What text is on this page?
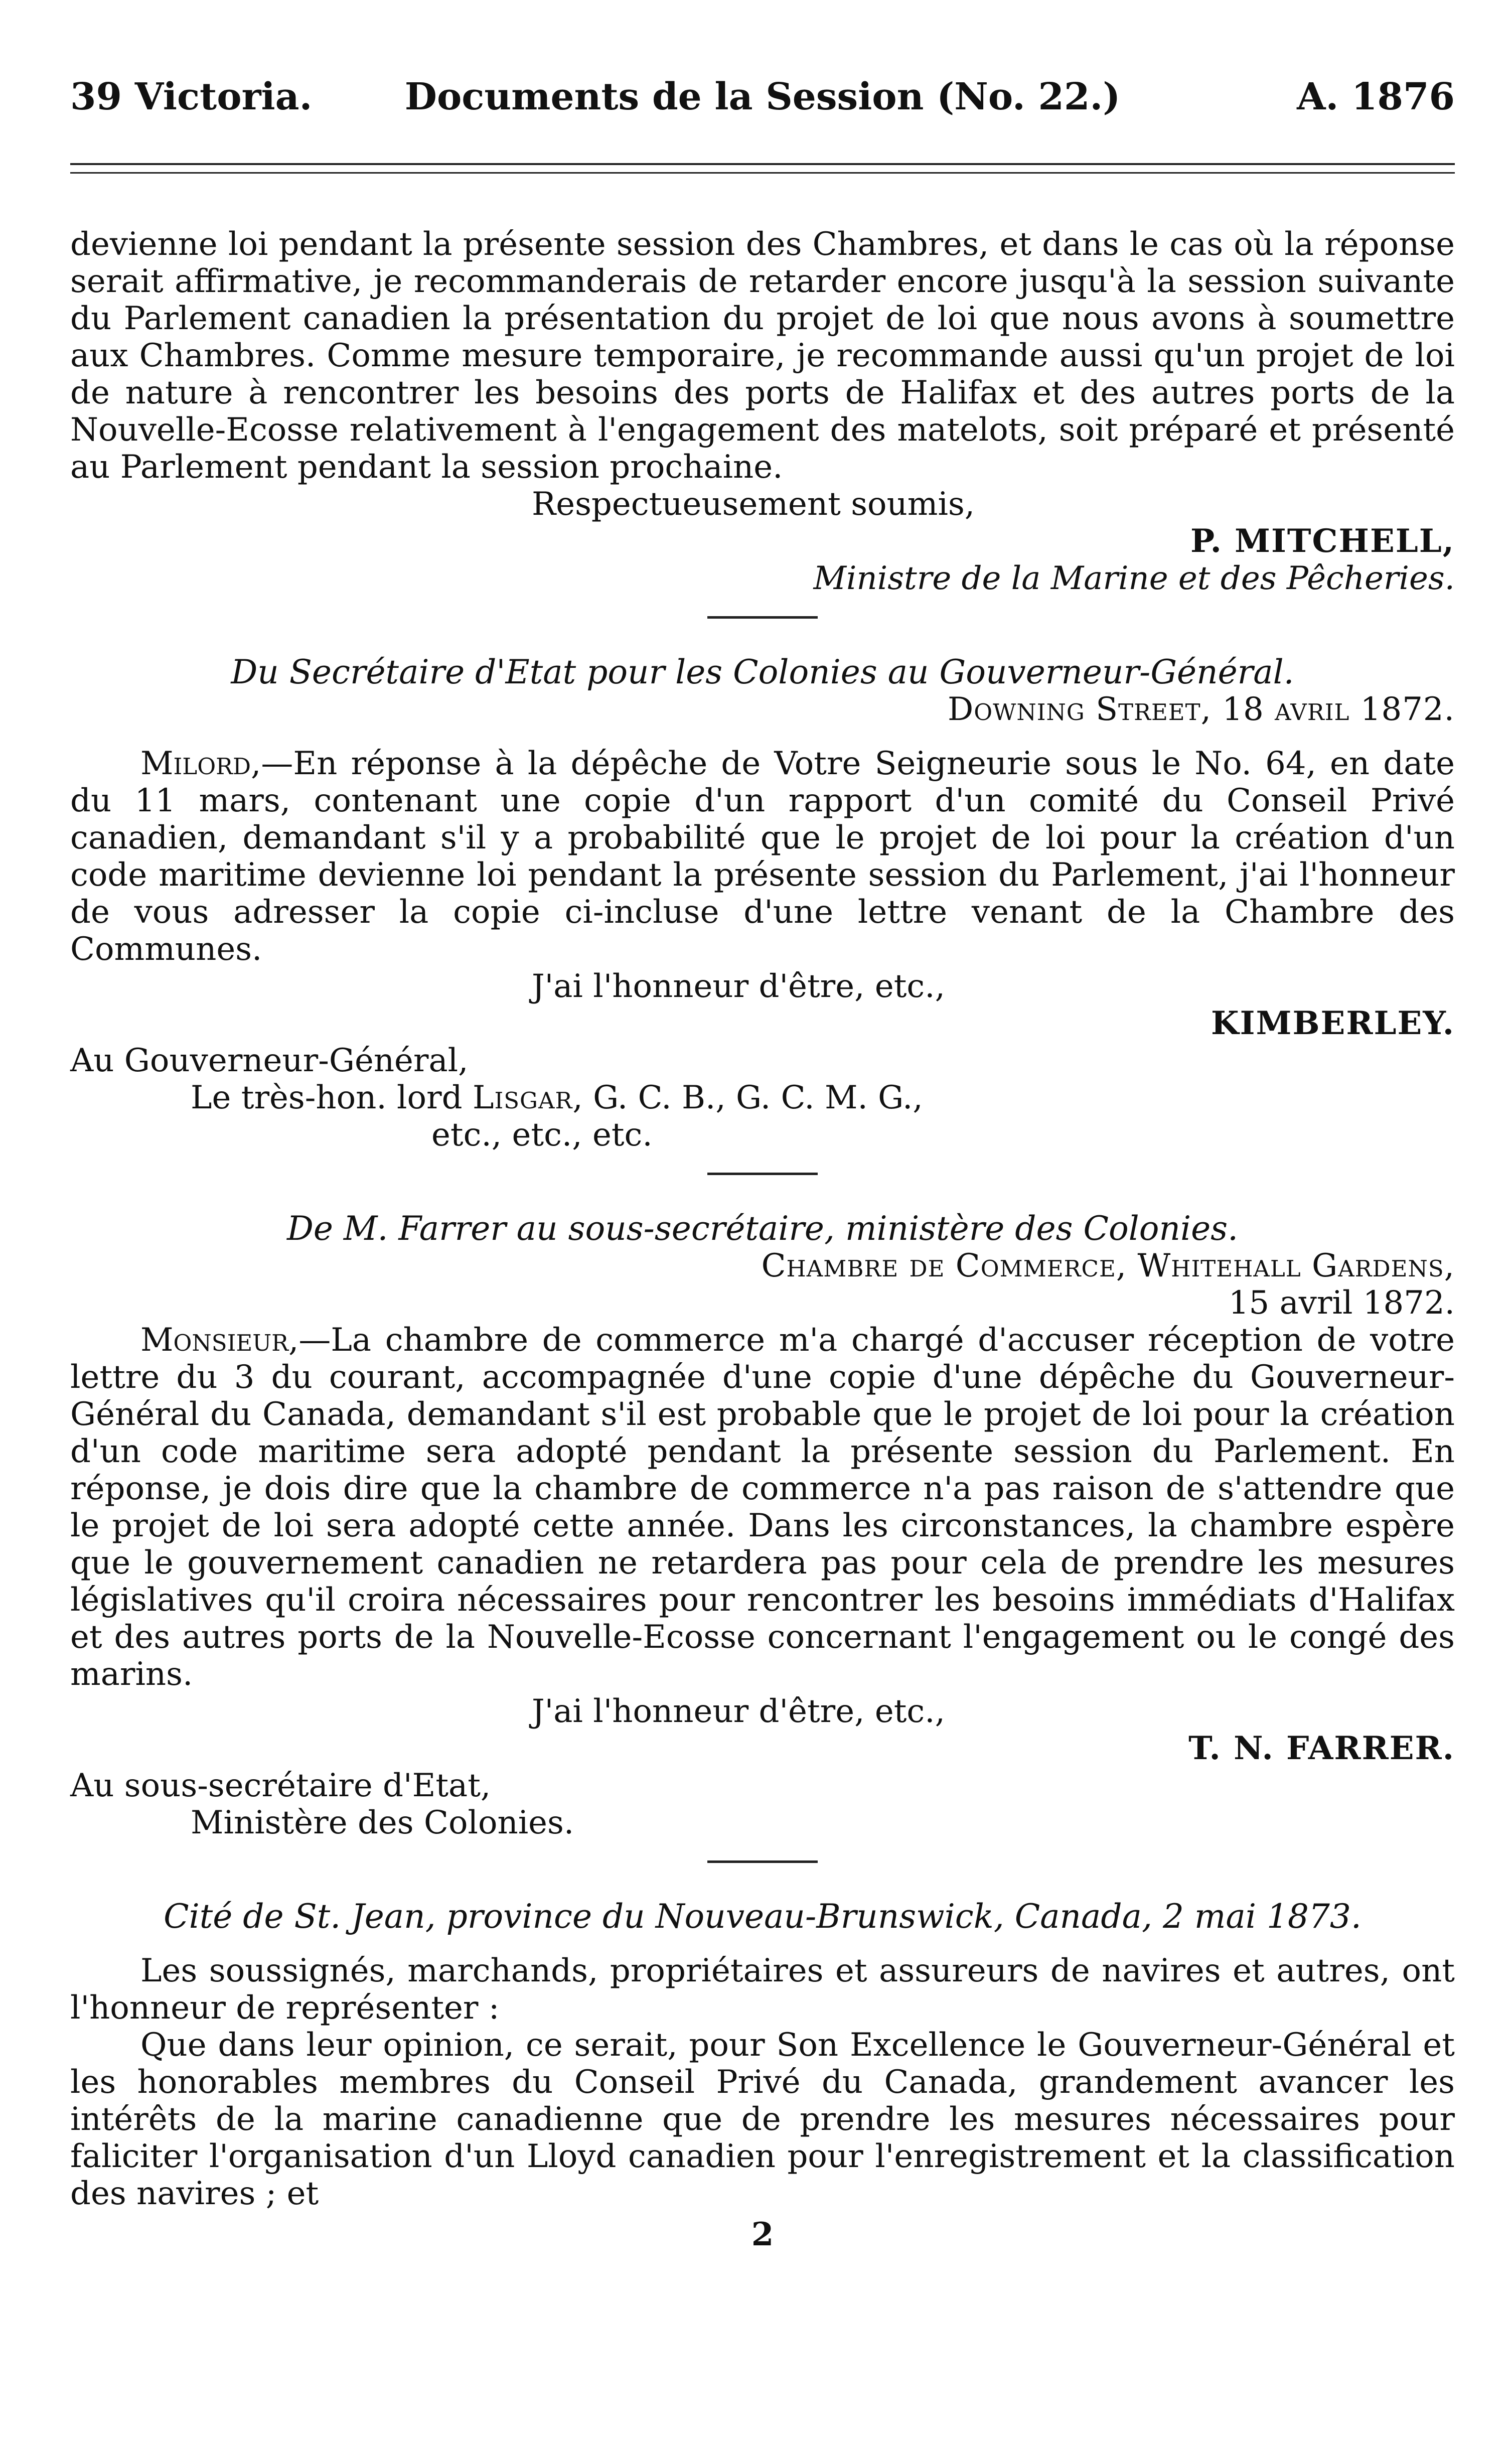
39 Victoria.	Documents de la Session (No. 22.)	A. 1876

devienne loi pendant la présente session des Chambres, et dans le cas où la réponse serait affirmative, je recommanderais de retarder encore jusqu'à la session suivante du Parlement canadien la présentation du projet de loi que nous avons à soumettre aux Chambres. Comme mesure temporaire, je recommande aussi qu'un projet de loi de nature à rencontrer les besoins des ports de Halifax et des autres ports de la Nouvelle-Ecosse relativement à l'engagement des matelots, soit préparé et présenté au Parlement pendant la session prochaine.

Respectueusement soumis,

P. MITCHELL,

Ministre de la Marine et des Pêcheries.

Du Secrétaire d'Etat pour les Colonies au Gouverneur-Général.

Downing Street, 18 avril 1872.

Milord,—En réponse à la dépêche de Votre Seigneurie sous le No. 64, en date du 11 mars, contenant une copie d'un rapport d'un comité du Conseil Privé canadien, demandant s'il y a probabilité que le projet de loi pour la création d'un code maritime devienne loi pendant la présente session du Parlement, j'ai l'honneur de vous adresser la copie ci-incluse d'une lettre venant de la Chambre des Communes.

J'ai l'honneur d'être, etc.,

KIMBERLEY.

Au Gouverneur-Général,

Le très-hon. lord Lisgar, G. C. B., G. C. M. G.,

etc., etc., etc.

De M. Farrer au sous-secrétaire, ministère des Colonies.

Chambre de Commerce, Whitehall Gardens,

15 avril 1872.

Monsieur,—La chambre de commerce m'a chargé d'accuser réception de votre lettre du 3 du courant, accompagnée d'une copie d'une dépêche du Gouverneur-Général du Canada, demandant s'il est probable que le projet de loi pour la création d'un code maritime sera adopté pendant la présente session du Parlement. En réponse, je dois dire que la chambre de commerce n'a pas raison de s'attendre que le projet de loi sera adopté cette année. Dans les circonstances, la chambre espère que le gouvernement canadien ne retardera pas pour cela de prendre les mesures législatives qu'il croira nécessaires pour rencontrer les besoins immédiats d'Halifax et des autres ports de la Nouvelle-Ecosse concernant l'engagement ou le congé des marins.

J'ai l'honneur d'être, etc.,

T. N. FARRER.

Au sous-secrétaire d'Etat,

Ministère des Colonies.

Cité de St. Jean, province du Nouveau-Brunswick, Canada, 2 mai 1873.

Les soussignés, marchands, propriétaires et assureurs de navires et autres, ont l'honneur de représenter :

Que dans leur opinion, ce serait, pour Son Excellence le Gouverneur-Général et les honorables membres du Conseil Privé du Canada, grandement avancer les intérêts de la marine canadienne que de prendre les mesures nécessaires pour faliciter l'organisation d'un Lloyd canadien pour l'enregistrement et la classification des navires ; et

2
